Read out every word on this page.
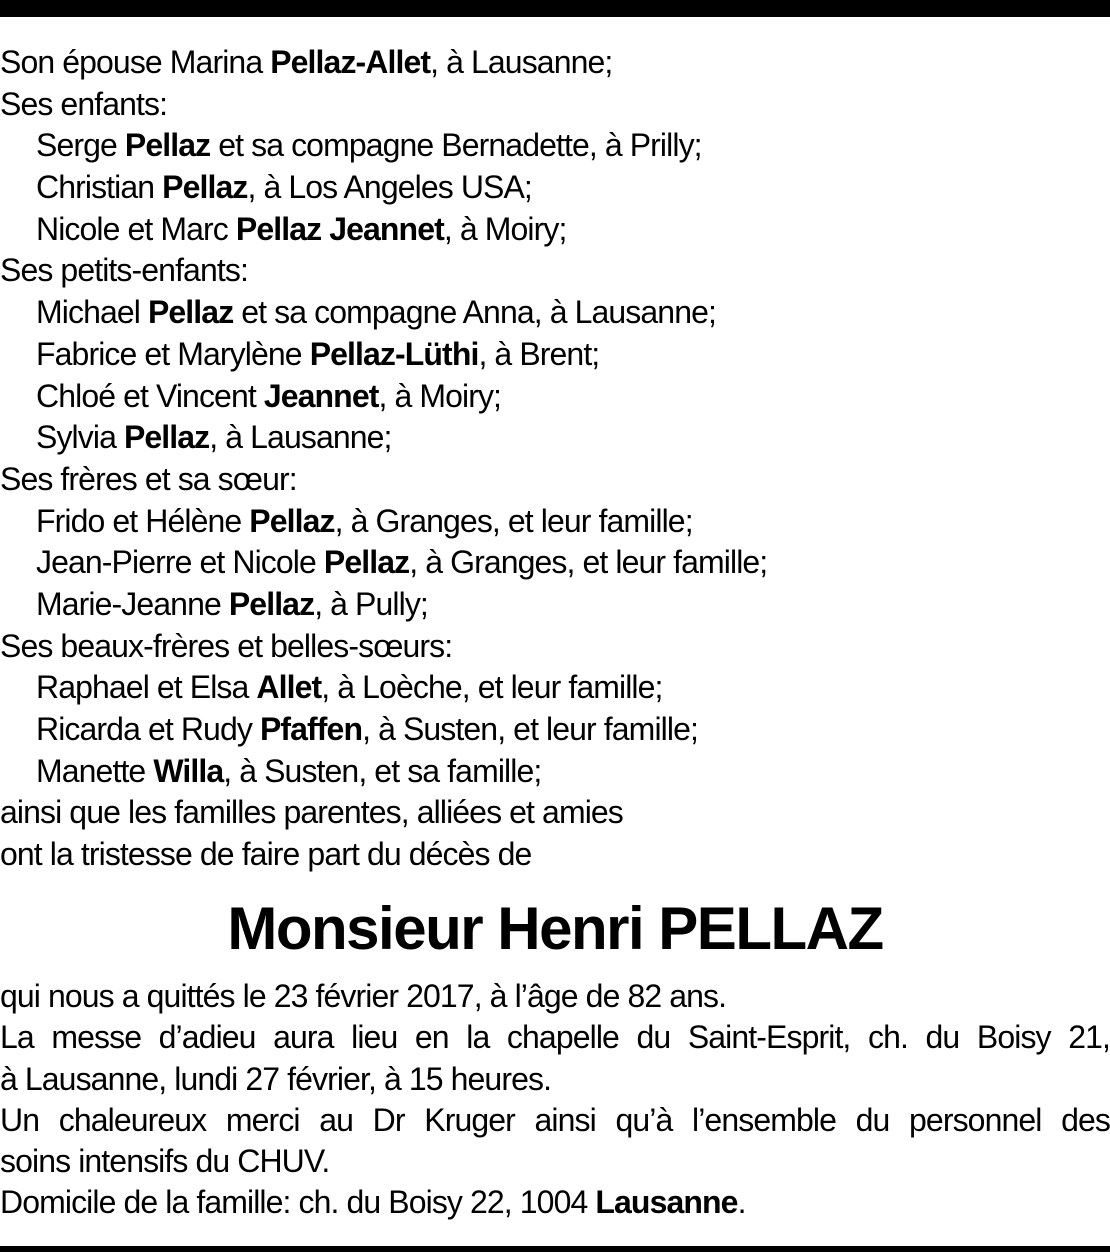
Son épouse Marina Pellaz-Allet, à Lausanne;
Ses enfants:
Serge Pellaz et sa compagne Bernadette, à Prilly;
Christian Pellaz, à Los Angeles USA;
Nicole et Marc Pellaz Jeannet, à Moiry;
Ses petits-enfants:
Michael Pellaz et sa compagne Anna, à Lausanne;
Fabrice et Marylène Pellaz-Lüthi, à Brent;
Chloé et Vincent Jeannet, à Moiry;
Sylvia Pellaz, à Lausanne;
Ses frères et sa sœur:
Frido et Hélène Pellaz, à Granges, et leur famille;
Jean-Pierre et Nicole Pellaz, à Granges, et leur famille;
Marie-Jeanne Pellaz, à Pully;
Ses beaux-frères et belles-sœurs:
Raphael et Elsa Allet, à Loèche, et leur famille;
Ricarda et Rudy Pfaffen, à Susten, et leur famille;
Manette Willa, à Susten, et sa famille;
ainsi que les familles parentes, alliées et amies
ont la tristesse de faire part du décès de
Monsieur Henri PELLAZ
qui nous a quittés le 23 février 2017, à l’âge de 82 ans.
La messe d’adieu aura lieu en la chapelle du Saint-Esprit, ch. du Boisy 21,
à Lausanne, lundi 27 février, à 15 heures.
Un chaleureux merci au Dr Kruger ainsi qu’à l’ensemble du personnel des
soins intensifs du CHUV.
Domicile de la famille: ch. du Boisy 22, 1004 Lausanne.
